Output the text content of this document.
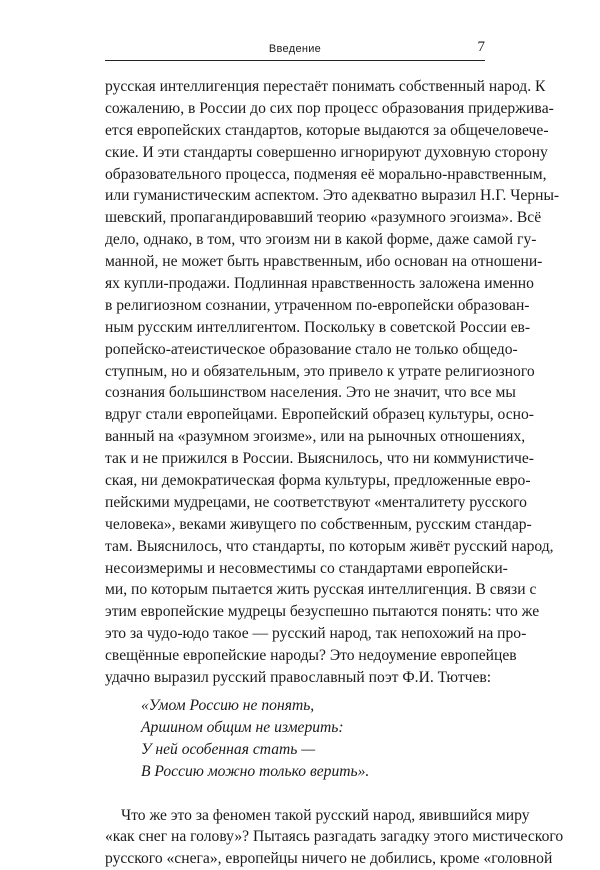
Введение	7
русская интеллигенция перестаёт понимать собственный народ. К
сожалению, в России до сих пор процесс образования придерживa-
ется европейских стандартов, которые выдаются за общечеловече-
ские. И эти стандарты совершенно игнорируют духовную сторону
образовательного процесса, подменяя её морально-нравственным,
или гуманистическим аспектом. Это адекватно выразил Н.Г. Черны-
шевский, пропагандировавший теорию «разумного эгоизма». Всё
дело, однако, в том, что эгоизм ни в какой форме, даже самой гу-
манной, не может быть нравственным, ибо основан на отношени-
ях купли-продажи. Подлинная нравственность заложена именно
в религиозном сознании, утраченном по-европейски образован-
ным русским интеллигентом. Поскольку в советской России ев-
ропейско-атеистическое образование стало не только общедо-
ступным, но и обязательным, это привело к утрате религиозного
сознания большинством населения. Это не значит, что все мы
вдруг стали европейцами. Европейский образец культуры, осно-
ванный на «разумном эгоизме», или на рыночных отношениях,
так и не прижился в России. Выяснилось, что ни коммунистиче-
ская, ни демократическая форма культуры, предложенные евро-
пейскими мудрецами, не соответствуют «менталитету русского
человека», веками живущего по собственным, русским стандар-
там. Выяснилось, что стандарты, по которым живёт русский народ,
несоизмеримы и несовместимы со стандартами европейски-
ми, по которым пытается жить русская интеллигенция. В связи с
этим европейские мудрецы безуспешно пытаются понять: что же
это за чудо-юдо такое — русский народ, так непохожий на про-
свещённые европейские народы? Это недоумение европейцев
удачно выразил русский православный поэт Ф.И. Тютчев:
«Умом Россию не понять,
Аршином общим не измерить:
У ней особенная стать —
В Россию можно только верить».
Что же это за феномен такой русский народ, явившийся миру
«как снег на голову»? Пытаясь разгадать загадку этого мистического
русского «снега», европейцы ничего не добились, кроме «головной
